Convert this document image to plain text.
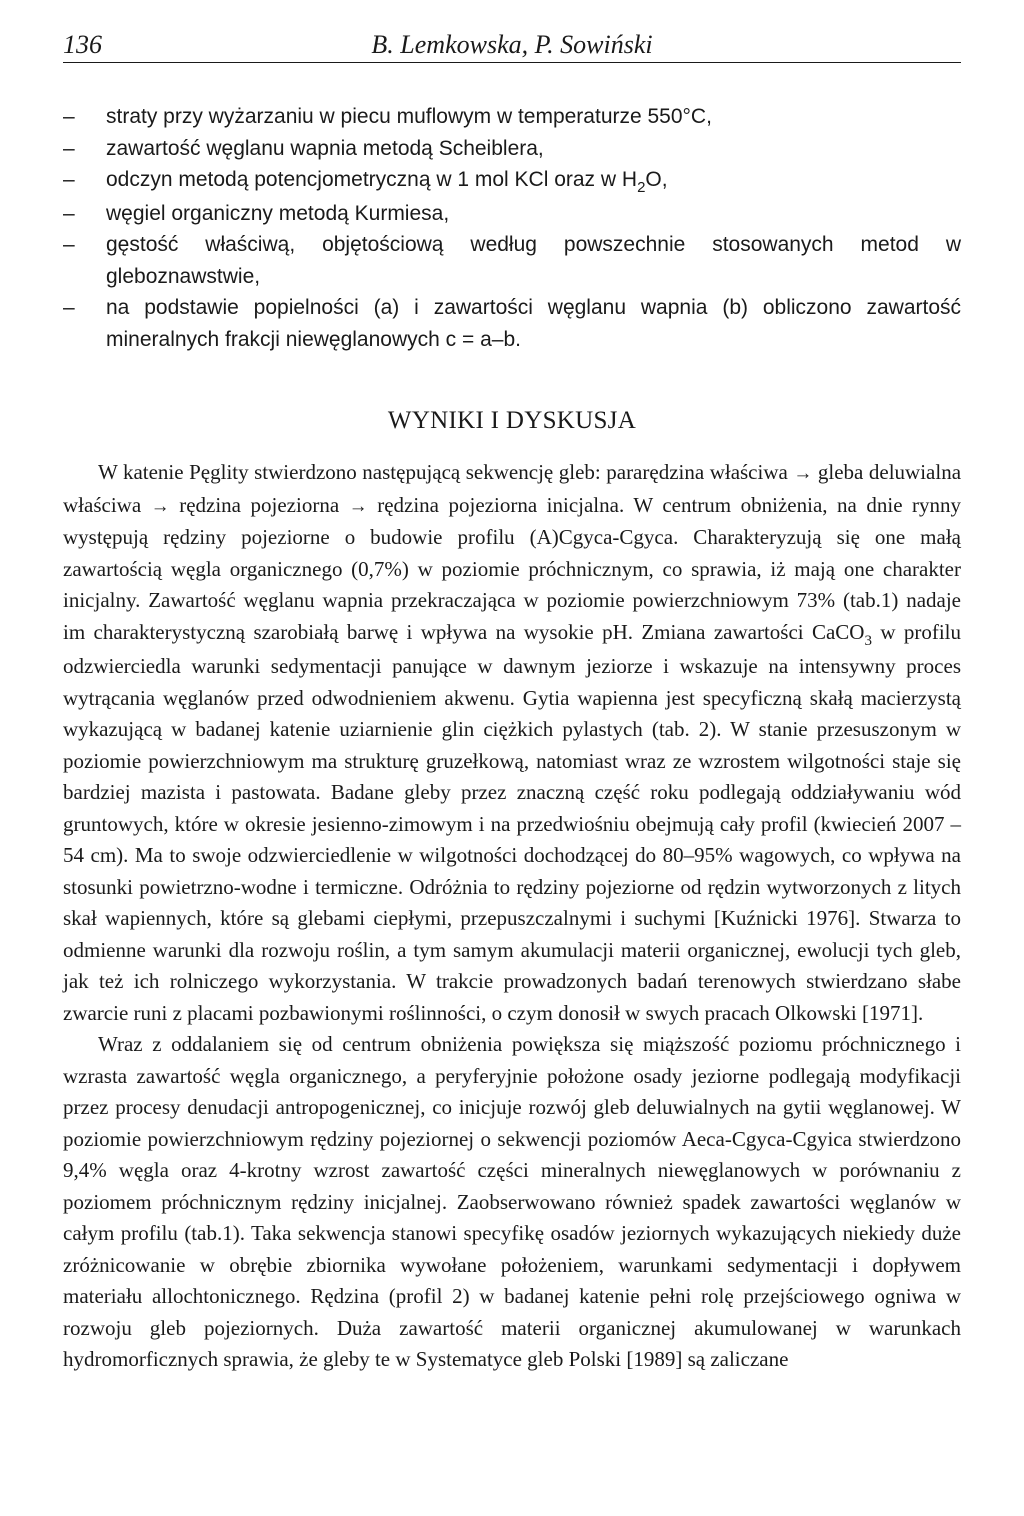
136	B. Lemkowska, P. Sowiński
– straty przy wyżarzaniu w piecu muflowym w temperaturze 550°C,
– zawartość węglanu wapnia metodą Scheiblera,
– odczyn metodą potencjometryczną w 1 mol KCl oraz w $H_2O$,
– węgiel organiczny metodą Kurmiesa,
– gęstość właściwą, objętościową według powszechnie stosowanych metod w gleboznawstwie,
– na podstawie popielności (a) i zawartości węglanu wapnia (b) obliczono zawartość mineralnych frakcji niewęglanowych c = a–b.
WYNIKI I DYSKUSJA

W katenie Pęglity stwierdzono następującą sekwencję gleb: pararędzina właściwa → gleba deluwialna właściwa → rędzina pojeziorna → rędzina pojeziorna inicjalna. W centrum obniżenia, na dnie rynny występują rędziny pojeziorne o budowie profilu (A)Cgyca-Cgyca. Charakteryzują się one małą zawartością węgla organicznego (0,7%) w poziomie próchnicznym, co sprawia, iż mają one charakter inicjalny. Zawartość węglanu wapnia przekraczająca w poziomie powierzchniowym 73% (tab.1) nadaje im charakterystyczną szarobiałą barwę i wpływa na wysokie pH. Zmiana zawartości CaCO$_3$ w profilu odzwierciedla warunki sedymentacji panujące w dawnym jeziorze i wskazuje na intensywny proces wytrącania węglanów przed odwodnieniem akwenu. Gytia wapienna jest specyficzną skałą macierzystą wykazującą w badanej katenie uziarnienie glin ciężkich pylastych (tab. 2). W stanie przesuszonym w poziomie powierzchniowym ma strukturę gruzełkową, natomiast wraz ze wzrostem wilgotności staje się bardziej mazista i pastowata. Badane gleby przez znaczną część roku podlegają oddziaływaniu wód gruntowych, które w okresie jesienno-zimowym i na przedwiośniu obejmują cały profil (kwiecień 2007 – 54 cm). Ma to swoje odzwierciedlenie w wilgotności dochodzącej do 80–95% wagowych, co wpływa na stosunki powietrzno-wodne i termiczne. Odróżnia to rędziny pojeziorne od rędzin wytworzonych z litych skał wapiennych, które są glebami ciepłymi, przepuszczalnymi i suchymi [Kuźnicki 1976]. Stwarza to odmienne warunki dla rozwoju roślin, a tym samym akumulacji materii organicznej, ewolucji tych gleb, jak też ich rolniczego wykorzystania. W trakcie prowadzonych badań terenowych stwierdzano słabe zwarcie runi z placami pozbawionymi roślinności, o czym donosił w swych pracach Olkowski [1971].

Wraz z oddalaniem się od centrum obniżenia powiększa się miąższość poziomu próchnicznego i wzrasta zawartość węgla organicznego, a peryferyjnie położone osady jeziorne podlegają modyfikacji przez procesy denudacji antropogenicznej, co inicjuje rozwój gleb deluwialnych na gytii węglanowej. W poziomie powierzchniowym rędziny pojeziornej o sekwencji poziomów Aeca-Cgyca-Cgyica stwierdzono 9,4% węgla oraz 4-krotny wzrost zawartość części mineralnych niewęglanowych w porównaniu z poziomem próchnicznym rędziny inicjalnej. Zaobserwowano również spadek zawartości węglanów w całym profilu (tab.1). Taka sekwencja stanowi specyfikę osadów jeziornych wykazujących niekiedy duże zróżnicowanie w obrębie zbiornika wywołane położeniem, warunkami sedymentacji i dopływem materiału allochtonicznego. Rędzina (profil 2) w badanej katenie pełni rolę przejściowego ogniwa w rozwoju gleb pojeziornych. Duża zawartość materii organicznej akumulowanej w warunkach hydromorficznych sprawia, że gleby te w Systematyce gleb Polski [1989] są zaliczane
